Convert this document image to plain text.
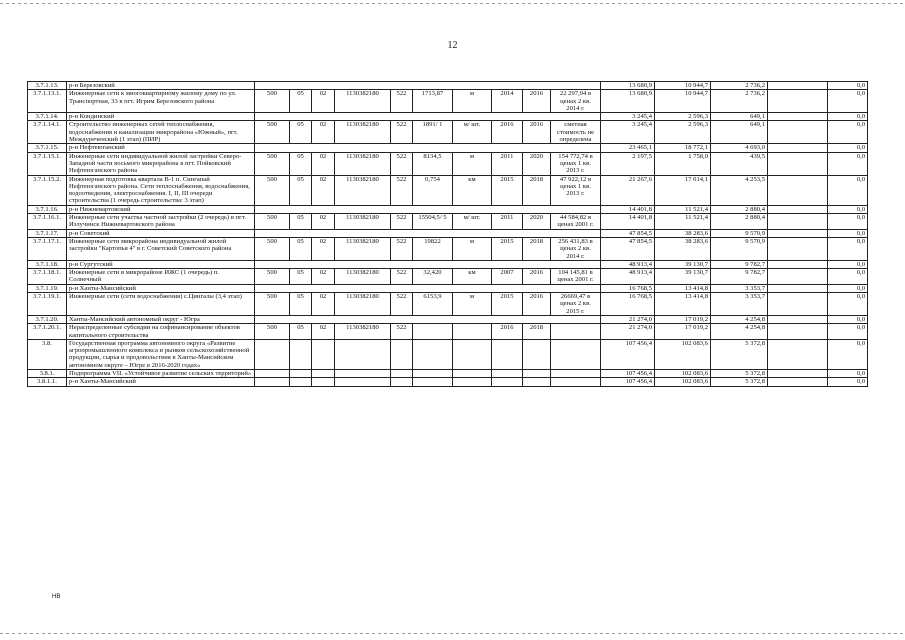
12
3.7.1.13.	р-н Березовский											13 680,9	10 944,7	2 736,2		0,0
3.7.1.13.1.	Инженерные сети к многоквартирному жилому дому по ул. Транспортная, 33 в пгт. Игрим Березовского района	500	05	02	1130382180	522	1713,87	м	2014	2016	22 297,94 в ценах 2 кв. 2014 г.	13 680,9	10 944,7	2 736,2		0,0
3.7.1.14.	р-н Кондинский											3 245,4	2 596,3	649,1		0,0
3.7.1.14.1.	Строительство инженерных сетей теплоснабжения, водоснабжения и канализации микрорайона «Южный», пгт. Междуреченский (1 этап) (ПИР)	500	05	02	1130382180	522	1891/ 1	м/ шт.	2016	2016	сметная стоимость не определена	3 245,4	2 596,3	649,1		0,0
3.7.1.15.	р-н Нефтеюганский											23 465,1	18 772,1	4 693,0		0,0
3.7.1.15.1.	Инженерные сети индивидуальной жилой застройки Северо-Западной части восьмого микрорайона в пгт. Пойковский Нефтеюганского района	500	05	02	1130382180	522	8134,5	м	2011	2020	154 772,74 в ценах 1 кв. 2013 г.	2 197,5	1 758,0	439,5		0,0
3.7.1.15.2.	Инженерная подготовка квартала В-1 п. Сингапай Нефтеюганского района. Сети теплоснабжения, водоснабжения, водоотведения, электроснабжения. I, II, III очереди строительства (1 очередь строительства: 3 этап)	500	05	02	1130382180	522	0,754	км	2015	2018	47 922,12 в ценах 1 кв. 2013 г.	21 267,6	17 014,1	4 253,5		0,0
3.7.1.16.	р-н Нижневартовский											14 401,8	11 521,4	2 880,4		0,0
3.7.1.16.1.	Инженерные сети участка частной застройки (2 очередь) в пгт. Излучинск Нижневартовского района	500	05	02	1130382180	522	15504,5/ 5	м/ шт.	2011	2020	44 584,82 в ценах 2001 г.	14 401,8	11 521,4	2 880,4		0,0
3.7.1.17.	р-н Советский											47 854,5	38 283,6	9 570,9		0,0
3.7.1.17.1.	Инженерные сети микрорайона индивидуальной жилой застройки "Картопья 4" в г. Советский Советского района	500	05	02	1130382180	522	19822	м	2015	2018	256 431,83 в ценах 2 кв. 2014 г.	47 854,5	38 283,6	9 570,9		0,0
3.7.1.18.	р-н Сургутский											48 913,4	39 130,7	9 782,7		0,0
3.7.1.18.1.	Инженерные сети в микрорайоне ИЖС (1 очередь) п. Солнечный	500	05	02	1130382180	522	32,420	км	2007	2016	104 145,81 в ценах 2001 г.	48 913,4	39 130,7	9 782,7		0,0
3.7.1.19.	р-н Ханты-Мансийский											16 768,5	13 414,8	3 353,7		0,0
3.7.1.19.1.	Инженерные сети (сети водоснабжения) с.Цингалы (3,4 этап)	500	05	02	1130382180	522	6153,9	м	2015	2016	26669,47 в ценах 2 кв. 2015 г.	16 768,5	13 414,8	3 353,7		0,0
3.7.1.20.	Ханты-Мансийский автономный округ - Югра											21 274,0	17 019,2	4 254,8		0,0
3.7.1.20.1.	Нераспределенные субсидии на софинансирование объектов капитального строительства	500	05	02	1130382180	522			2016	2018		21 274,0	17 019,2	4 254,8		0,0
3.8.	Государственная программа автономного округа «Развитие агропромышленного комплекса и рынков сельскохозяйственной продукции, сырья и продовольствия в Ханты-Мансийском автономном округе – Югре в 2016-2020 годах»											107 456,4	102 083,6	5 372,8		0,0
3.8.1.	Подпрограмма VII. «Устойчивое развитие сельских территорий»											107 456,4	102 083,6	5 372,8		0,0
3.8.1.1.	р-н Ханты-Мансийский											107 456,4	102 083,6	5 372,8		0,0
НВ
